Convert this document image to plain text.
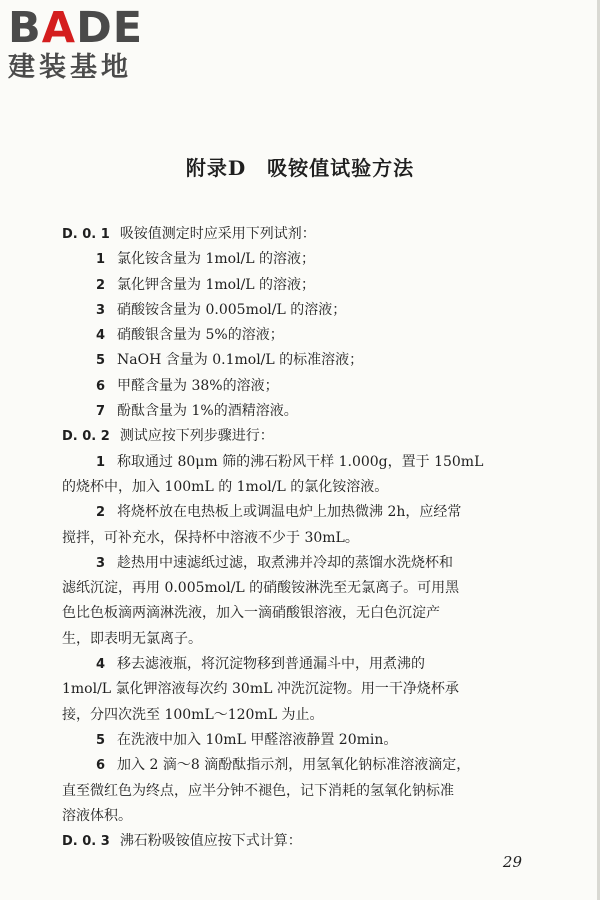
BADE
建装基地
附录D　吸铵值试验方法
D. 0. 1 吸铵值测定时应采用下列试剂：
1 氯化铵含量为 1mol/L 的溶液；
2 氯化钾含量为 1mol/L 的溶液；
3 硝酸铵含量为 0.005mol/L 的溶液；
4 硝酸银含量为 5%的溶液；
5 NaOH 含量为 0.1mol/L 的标准溶液；
6 甲醛含量为 38%的溶液；
7 酚酞含量为 1%的酒精溶液。
D. 0. 2 测试应按下列步骤进行：
1 称取通过 80μm 筛的沸石粉风干样 1.000g，置于 150mL
的烧杯中，加入 100mL 的 1mol/L 的氯化铵溶液。
2 将烧杯放在电热板上或调温电炉上加热微沸 2h，应经常
搅拌，可补充水，保持杯中溶液不少于 30mL。
3 趁热用中速滤纸过滤，取煮沸并冷却的蒸馏水洗烧杯和
滤纸沉淀，再用 0.005mol/L 的硝酸铵淋洗至无氯离子。可用黑
色比色板滴两滴淋洗液，加入一滴硝酸银溶液，无白色沉淀产
生，即表明无氯离子。
4 移去滤液瓶，将沉淀物移到普通漏斗中，用煮沸的
1mol/L 氯化钾溶液每次约 30mL 冲洗沉淀物。用一干净烧杯承
接，分四次洗至 100mL～120mL 为止。
5 在洗液中加入 10mL 甲醛溶液静置 20min。
6 加入 2 滴～8 滴酚酞指示剂，用氢氧化钠标准溶液滴定，
直至微红色为终点，应半分钟不褪色，记下消耗的氢氧化钠标准
溶液体积。
D. 0. 3 沸石粉吸铵值应按下式计算：
29
